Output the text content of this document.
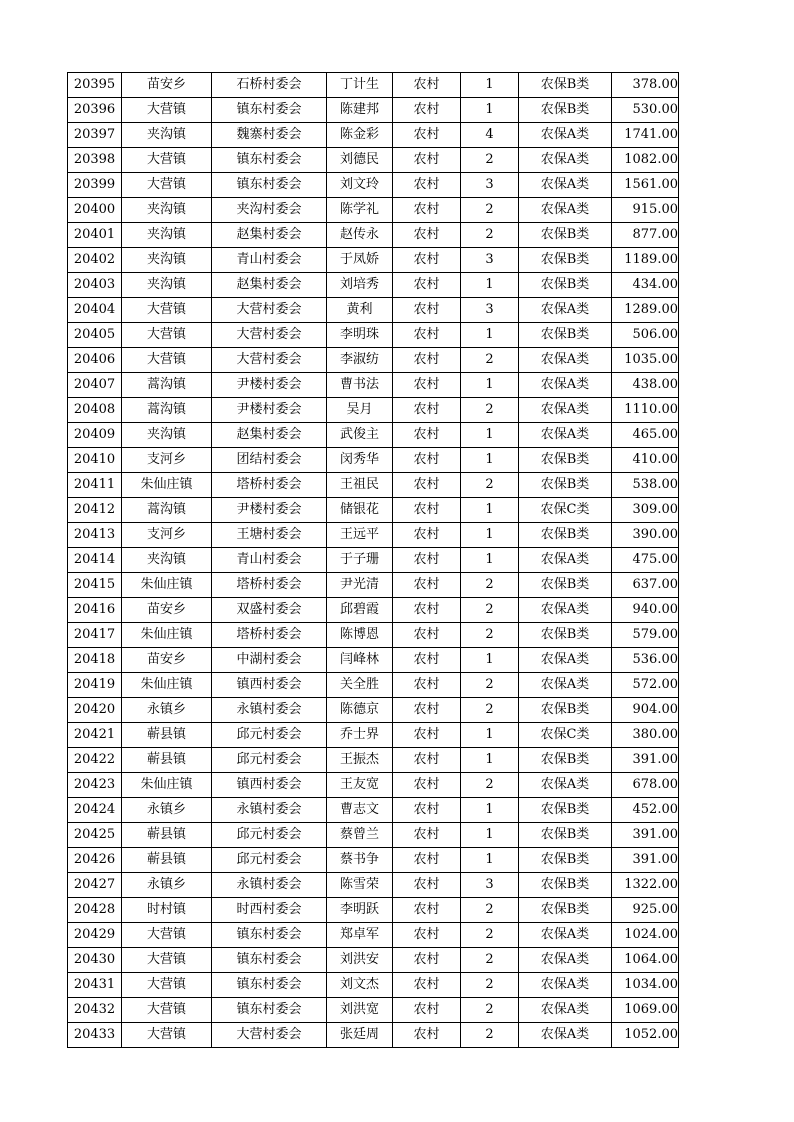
20395	苗安乡	石桥村委会	丁计生	农村	1	农保B类	378.00
20396	大营镇	镇东村委会	陈建邦	农村	1	农保B类	530.00
20397	夹沟镇	魏寨村委会	陈金彩	农村	4	农保A类	1741.00
20398	大营镇	镇东村委会	刘德民	农村	2	农保A类	1082.00
20399	大营镇	镇东村委会	刘文玲	农村	3	农保A类	1561.00
20400	夹沟镇	夹沟村委会	陈学礼	农村	2	农保A类	915.00
20401	夹沟镇	赵集村委会	赵传永	农村	2	农保B类	877.00
20402	夹沟镇	青山村委会	于凤娇	农村	3	农保B类	1189.00
20403	夹沟镇	赵集村委会	刘培秀	农村	1	农保B类	434.00
20404	大营镇	大营村委会	黄利	农村	3	农保A类	1289.00
20405	大营镇	大营村委会	李明珠	农村	1	农保B类	506.00
20406	大营镇	大营村委会	李淑纺	农村	2	农保A类	1035.00
20407	蒿沟镇	尹楼村委会	曹书法	农村	1	农保A类	438.00
20408	蒿沟镇	尹楼村委会	吴月	农村	2	农保A类	1110.00
20409	夹沟镇	赵集村委会	武俊主	农村	1	农保A类	465.00
20410	支河乡	团结村委会	闵秀华	农村	1	农保B类	410.00
20411	朱仙庄镇	塔桥村委会	王祖民	农村	2	农保B类	538.00
20412	蒿沟镇	尹楼村委会	储银花	农村	1	农保C类	309.00
20413	支河乡	王塘村委会	王远平	农村	1	农保B类	390.00
20414	夹沟镇	青山村委会	于子珊	农村	1	农保A类	475.00
20415	朱仙庄镇	塔桥村委会	尹光清	农村	2	农保B类	637.00
20416	苗安乡	双盛村委会	邱碧霞	农村	2	农保A类	940.00
20417	朱仙庄镇	塔桥村委会	陈博恩	农村	2	农保B类	579.00
20418	苗安乡	中湖村委会	闫峰林	农村	1	农保A类	536.00
20419	朱仙庄镇	镇西村委会	关全胜	农村	2	农保A类	572.00
20420	永镇乡	永镇村委会	陈德京	农村	2	农保B类	904.00
20421	蕲县镇	邱元村委会	乔士界	农村	1	农保C类	380.00
20422	蕲县镇	邱元村委会	王振杰	农村	1	农保B类	391.00
20423	朱仙庄镇	镇西村委会	王友宽	农村	2	农保A类	678.00
20424	永镇乡	永镇村委会	曹志文	农村	1	农保B类	452.00
20425	蕲县镇	邱元村委会	蔡曾兰	农村	1	农保B类	391.00
20426	蕲县镇	邱元村委会	蔡书争	农村	1	农保B类	391.00
20427	永镇乡	永镇村委会	陈雪荣	农村	3	农保B类	1322.00
20428	时村镇	时西村委会	李明跃	农村	2	农保B类	925.00
20429	大营镇	镇东村委会	郑卓军	农村	2	农保A类	1024.00
20430	大营镇	镇东村委会	刘洪安	农村	2	农保A类	1064.00
20431	大营镇	镇东村委会	刘文杰	农村	2	农保A类	1034.00
20432	大营镇	镇东村委会	刘洪宽	农村	2	农保A类	1069.00
20433	大营镇	大营村委会	张廷周	农村	2	农保A类	1052.00
